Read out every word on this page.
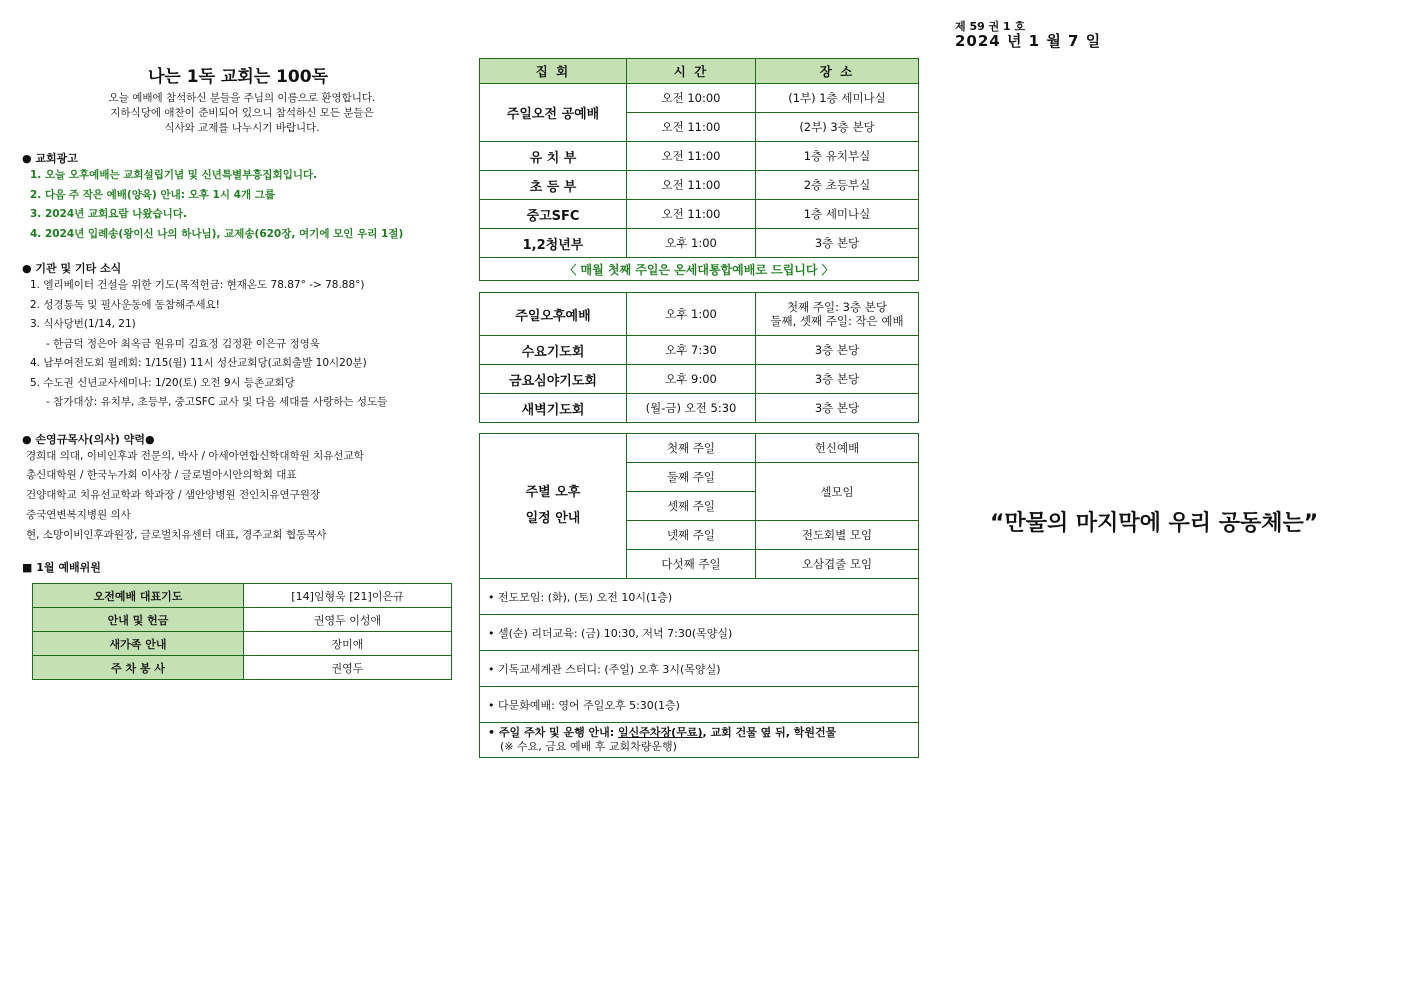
제 59 권 1 호
2024 년 1 월 7 일
나는 1독 교회는 100독
오늘 예배에 참석하신 분들을 주님의 이름으로 환영합니다.
지하식당에 애찬이 준비되어 있으니 참석하신 모든 분들은
식사와 교제를 나누시기 바랍니다.
● 교회광고
1. 오늘 오후예배는 교회설립기념 및 신년특별부흥집회입니다.
2. 다음 주 작은 예배(양육) 안내: 오후 1시 4개 그룹
3. 2024년 교회요람 나왔습니다.
4. 2024년 입례송(왕이신 나의 하나님), 교제송(620장, 여기에 모인 우리 1절)
● 기관 및 기타 소식
1. 엘리베이터 건설을 위한 기도(목적헌금: 현재온도 78.87° -> 78.88°)
2. 성경통독 및 필사운동에 동참해주세요!
3. 식사당번(1/14, 21)
- 한금덕 정은아 최옥금 원유미 김효정 김정환 이은규 정영욱
4. 남부여전도회 월례회: 1/15(월) 11시 성산교회당(교회출발 10시20분)
5. 수도권 신년교사세미나: 1/20(토) 오전 9시 등촌교회당
- 참가대상: 유치부, 초등부, 중고SFC 교사 및 다음 세대를 사랑하는 성도들
● 손영규목사(의사) 약력●
경희대 의대, 이비인후과 전문의, 박사 / 아세아연합신학대학원 치유선교학
총신대학원 / 한국누가회 이사장 / 글로벌아시안의학회 대표
건양대학교 치유선교학과 학과장 / 샘안양병원 전인치유연구원장
중국연변복지병원 의사
현, 소망이비인후과원장, 글로벌치유센터 대표, 경주교회 협동목사
■ 1월 예배위원
오전예배 대표기도	[14]임형욱 [21]이은규
안내 및 헌금	권영두 이성애
새가족 안내	장미애
주 차 봉 사	권영두
집 회	시 간	장 소
주일오전 공예배	오전 10:00	(1부) 1층 세미나실
	오전 11:00	(2부) 3층 본당
유 치 부	오전 11:00	1층 유치부실
초 등 부	오전 11:00	2층 초등부실
중고SFC	오전 11:00	1층 세미나실
1,2청년부	오후 1:00	3층 본당
〈 매월 첫째 주일은 온세대통합예배로 드립니다 〉		
주일오후예배	오후 1:00	첫째 주일: 3층 본당
둘째, 셋째 주일: 작은 예배

수요기도회	오후 7:30	3층 본당
금요심야기도회	오후 9:00	3층 본당
새벽기도회	(월-금) 오전 5:30	3층 본당
주별 오후
일정 안내	첫째 주일	헌신예배
	둘째 주일	셀모임
	셋째 주일	
	넷째 주일	전도회별 모임
	다섯째 주일	오삼겹줄 모임
• 전도모임: (화), (토) 오전 10시(1층)		
• 셀(순) 리더교육: (금) 10:30, 저녁 7:30(목양실)		
• 기독교세계관 스터디: (주일) 오후 3시(목양실)		
• 다문화예배: 영어 주일오후 5:30(1층)		

• 주일 주차 및 운행 안내: 일신주차장(무료), 교회 건물 옆 뒤, 학원건물
(※ 수요, 금요 예배 후 교회차량운행)		
“만물의 마지막에 우리 공동체는”
